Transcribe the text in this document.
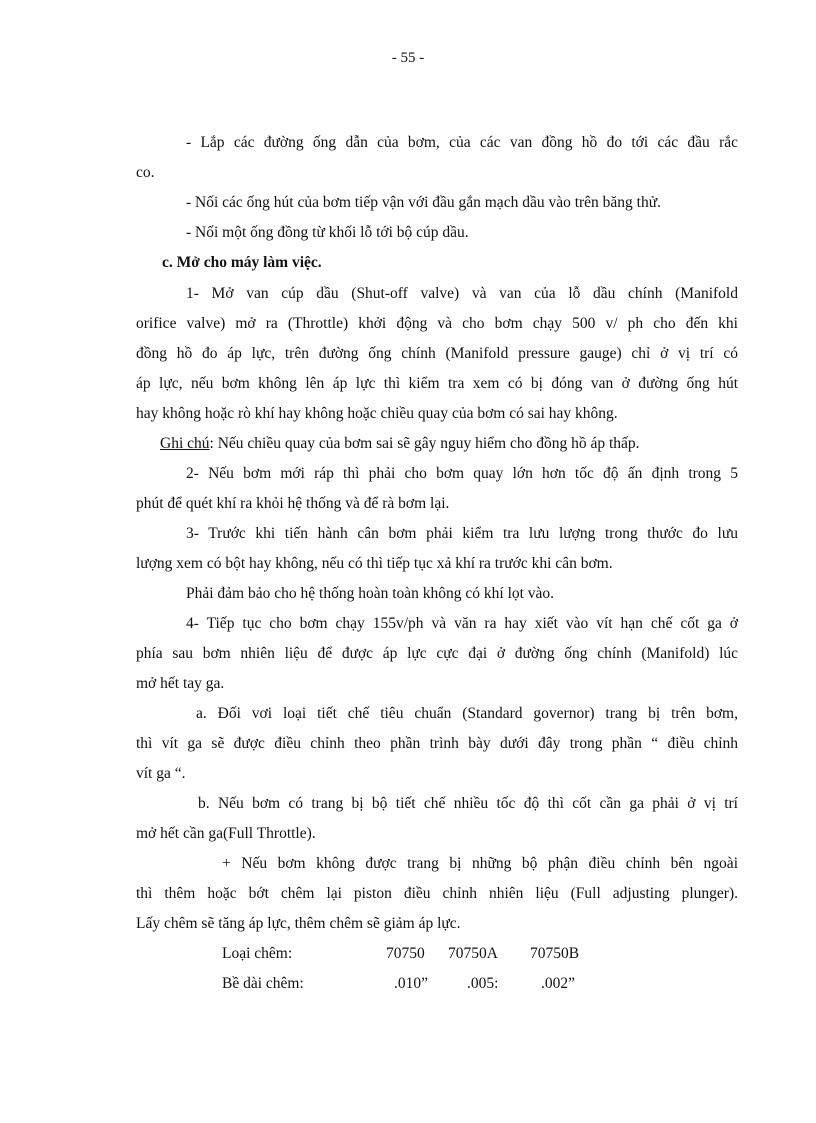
- 55 -
- Lắp các đường ống dẫn của bơm, của các van đồng hồ đo tới các đầu rắc
co.
- Nối các ống hút của bơm tiếp vận với đầu gắn mạch dầu vào trên băng thử.
- Nối một ống đồng từ khối lỗ tới bộ cúp dầu.
c. Mở cho máy làm việc.
1- Mở van cúp dầu (Shut-off valve) và van của lỗ dầu chính (Manifold
orifice valve) mở ra (Throttle) khởi động và cho bơm chạy 500 v/ ph cho đến khi
đồng hồ đo áp lực, trên đường ống chính (Manifold pressure gauge) chỉ ở vị trí có
áp lực, nếu bơm không lên áp lực thì kiểm tra xem có bị đóng van ở đường ống hút
hay không hoặc rò khí hay không hoặc chiều quay của bơm có sai hay không.
Ghi chú: Nếu chiều quay của bơm sai sẽ gây nguy hiểm cho đồng hồ áp thấp.
2- Nếu bơm mới ráp thì phải cho bơm quay lớn hơn tốc độ ấn định trong 5
phút để quét khí ra khỏi hệ thống và để rà bơm lại.
3- Trước khi tiến hành cân bơm phải kiểm tra lưu lượng trong thước đo lưu
lượng xem có bột hay không, nếu có thì tiếp tục xả khí ra trước khi cân bơm.
Phải đảm bảo cho hệ thống hoàn toàn không có khí lọt vào.
4- Tiếp tục cho bơm chạy 155v/ph và văn ra hay xiết vào vít hạn chế cốt ga ở
phía sau bơm nhiên liệu để được áp lực cực đại ở đường ống chính (Manifold) lúc
mở hết tay ga.
a. Đối vơi loại tiết chế tiêu chuẩn (Standard governor) trang bị trên bơm,
thì vít ga sẽ được điều chỉnh theo phần trình bày dưới đây trong phần “ điều chỉnh
vít ga “.
b. Nếu bơm có trang bị bộ tiết chế nhiều tốc độ thì cốt cần ga phải ở vị trí
mở hết cần ga(Full Throttle).
+ Nếu bơm không được trang bị những bộ phận điều chỉnh bên ngoài
thì thêm hoặc bớt chêm lại piston điều chỉnh nhiên liệu (Full adjusting plunger).
Lấy chêm sẽ tăng áp lực, thêm chêm sẽ giảm áp lực.
Loại chêm:	70750 70750A 70750B
Bề dài chêm:	.010”	.005:	.002”
